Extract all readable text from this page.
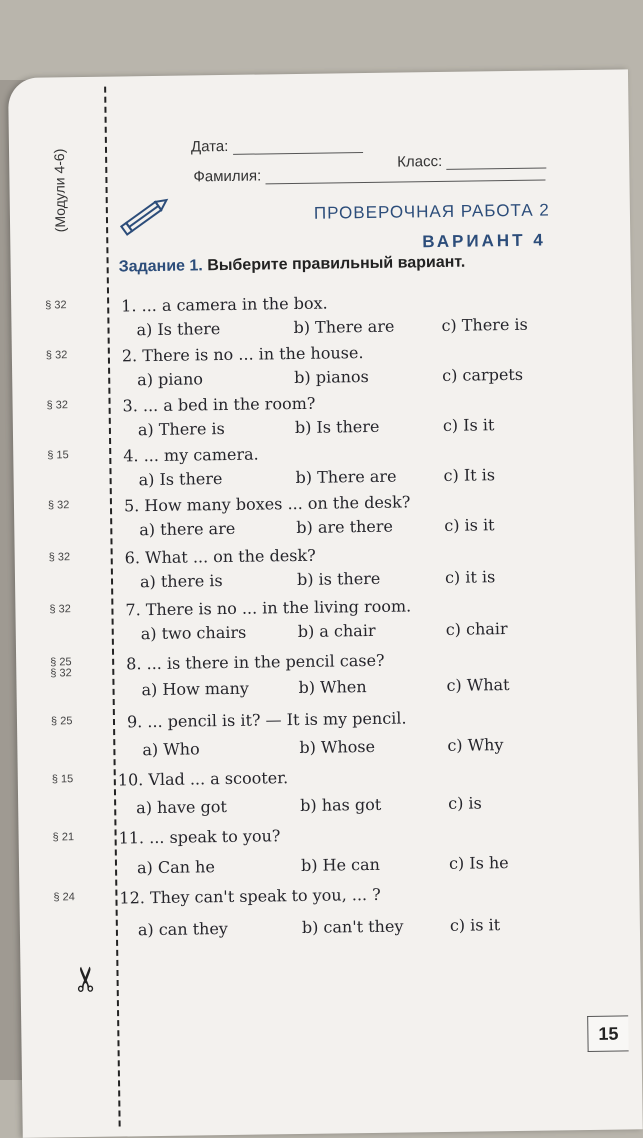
(Модули 4-6)
✂
Дата:
Класс:
Фамилия:
ПРОВЕРОЧНАЯ РАБОТА 2
ВАРИАНТ 4
Задание 1. Выберите правильный вариант.
§ 32	1. ... a camera in the box.
a) Is there	b) There are	c) There is
§ 32	2. There is no ... in the house.
a) piano	b) pianos	c) carpets
§ 32	3. ... a bed in the room?
a) There is	b) Is there	c) Is it
§ 15	4. ... my camera.
a) Is there	b) There are	c) It is
§ 32	5. How many boxes ... on the desk?
a) there are	b) are there	c) is it
§ 32	6. What ... on the desk?
a) there is	b) is there	c) it is
§ 32	7. There is no ... in the living room.
a) two chairs	b) a chair	c) chair
§ 25 § 32	8. ... is there in the pencil case?
a) How many	b) When	c) What
§ 25	9. ... pencil is it? — It is my pencil.
a) Who	b) Whose	c) Why
§ 15	10. Vlad ... a scooter.
a) have got	b) has got	c) is
§ 21	11. ... speak to you?
a) Can he	b) He can	c) Is he
§ 24	12. They can't speak to you, ... ?
a) can they	b) can't they	c) is it
15
